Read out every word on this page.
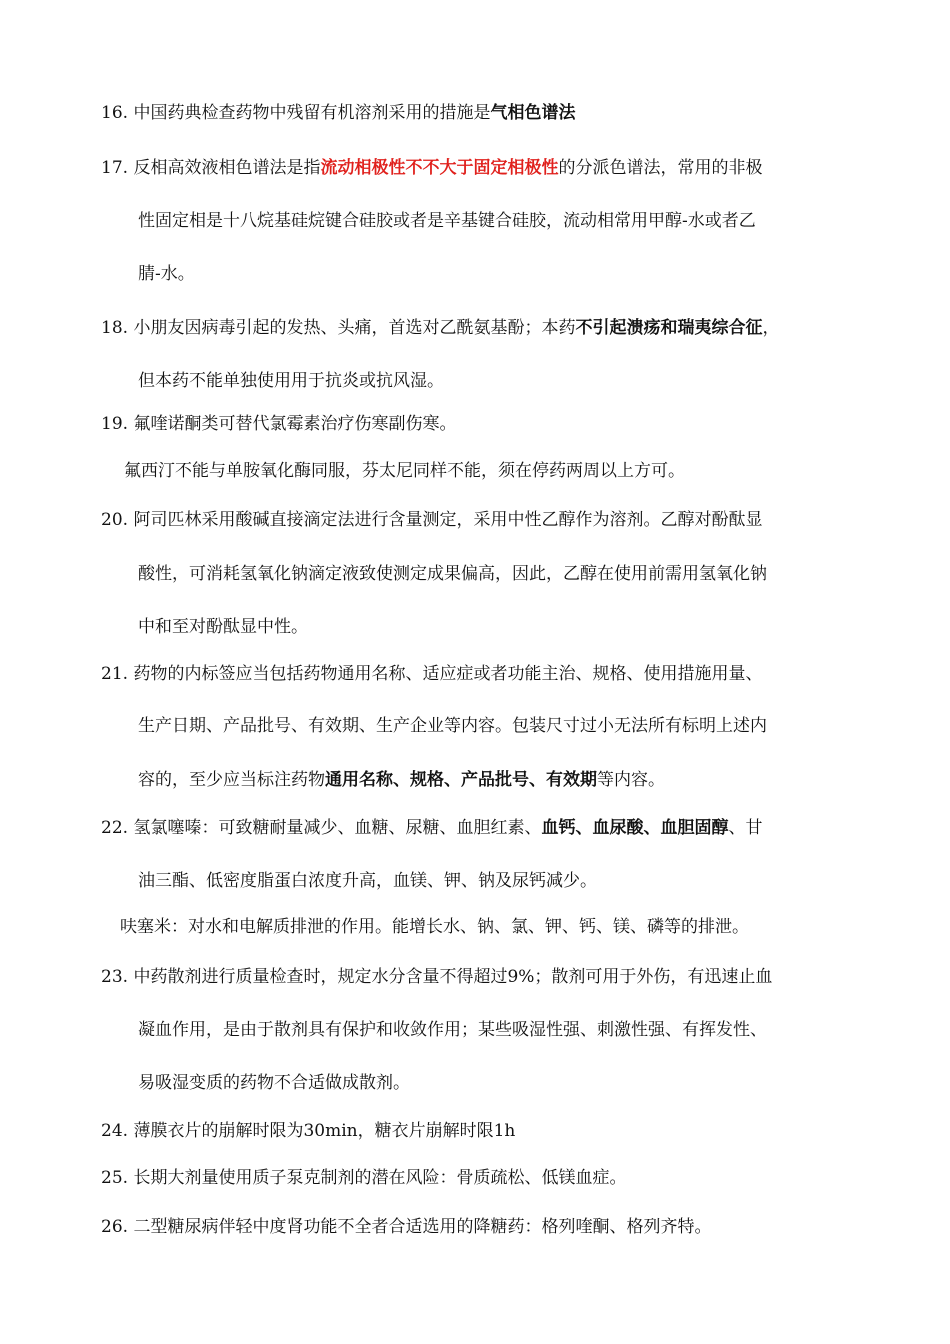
16. 中国药典检查药物中残留有机溶剂采用的措施是气相色谱法
17. 反相高效液相色谱法是指流动相极性不不大于固定相极性的分派色谱法，常用的非极
性固定相是十八烷基硅烷键合硅胶或者是辛基键合硅胶，流动相常用甲醇-水或者乙
腈-水。
18. 小朋友因病毒引起的发热、头痛，首选对乙酰氨基酚；本药不引起溃疡和瑞夷综合征，
但本药不能单独使用用于抗炎或抗风湿。
19. 氟喹诺酮类可替代氯霉素治疗伤寒副伤寒。
氟西汀不能与单胺氧化酶同服，芬太尼同样不能，须在停药两周以上方可。
20. 阿司匹林采用酸碱直接滴定法进行含量测定，采用中性乙醇作为溶剂。乙醇对酚酞显
酸性，可消耗氢氧化钠滴定液致使测定成果偏高，因此，乙醇在使用前需用氢氧化钠
中和至对酚酞显中性。
21. 药物的内标签应当包括药物通用名称、适应症或者功能主治、规格、使用措施用量、
生产日期、产品批号、有效期、生产企业等内容。包装尺寸过小无法所有标明上述内
容的，至少应当标注药物通用名称、规格、产品批号、有效期等内容。
22. 氢氯噻嗪：可致糖耐量减少、血糖、尿糖、血胆红素、血钙、血尿酸、血胆固醇、甘
油三酯、低密度脂蛋白浓度升高，血镁、钾、钠及尿钙减少。
呋塞米：对水和电解质排泄的作用。能增长水、钠、氯、钾、钙、镁、磷等的排泄。
23. 中药散剂进行质量检查时，规定水分含量不得超过9%；散剂可用于外伤，有迅速止血
凝血作用，是由于散剂具有保护和收敛作用；某些吸湿性强、刺激性强、有挥发性、
易吸湿变质的药物不合适做成散剂。
24. 薄膜衣片的崩解时限为30min，糖衣片崩解时限1h
25. 长期大剂量使用质子泵克制剂的潜在风险：骨质疏松、低镁血症。
26. 二型糖尿病伴轻中度肾功能不全者合适选用的降糖药：格列喹酮、格列齐特。
